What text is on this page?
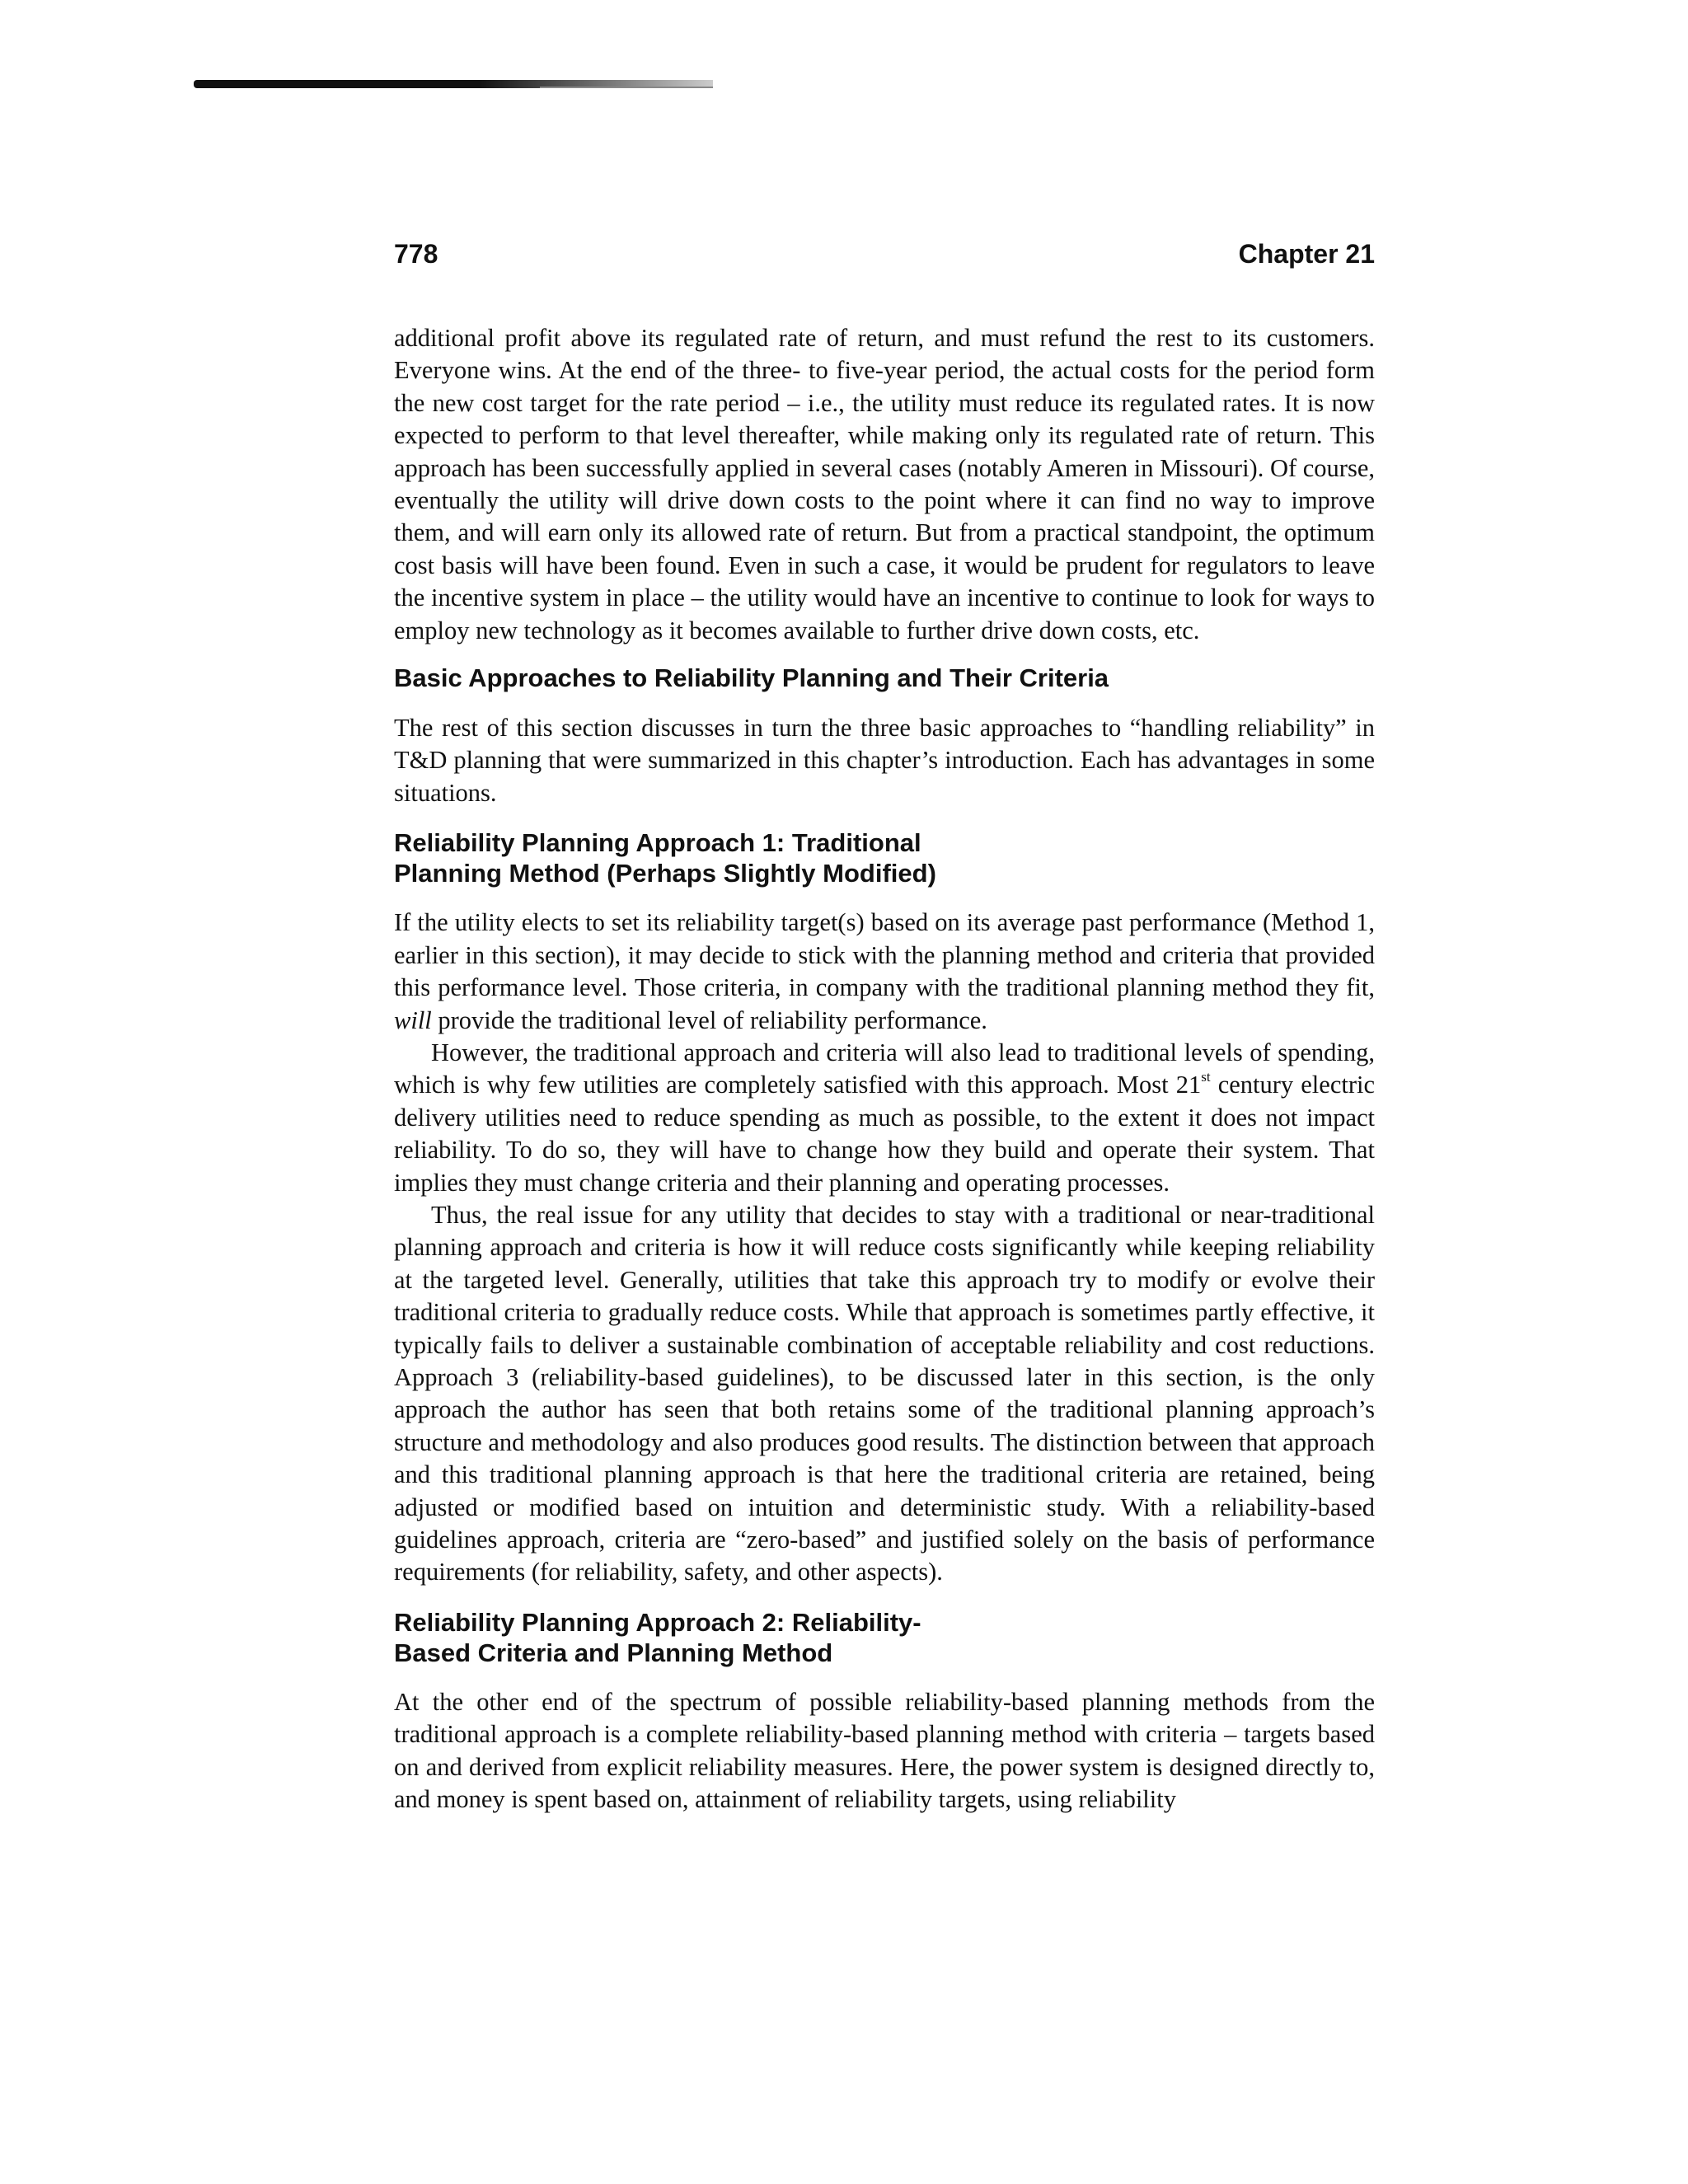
778	Chapter 21

additional profit above its regulated rate of return, and must refund the rest to its customers. Everyone wins. At the end of the three- to five-year period, the actual costs for the period form the new cost target for the rate period – i.e., the utility must reduce its regulated rates. It is now expected to perform to that level thereafter, while making only its regulated rate of return. This approach has been successfully applied in several cases (notably Ameren in Missouri). Of course, eventually the utility will drive down costs to the point where it can find no way to improve them, and will earn only its allowed rate of return. But from a practical standpoint, the optimum cost basis will have been found. Even in such a case, it would be prudent for regulators to leave the incentive system in place – the utility would have an incentive to continue to look for ways to employ new technology as it becomes available to further drive down costs, etc.

Basic Approaches to Reliability Planning and Their Criteria

The rest of this section discusses in turn the three basic approaches to “handling reliability” in T&D planning that were summarized in this chapter’s introduction. Each has advantages in some situations.

Reliability Planning Approach 1: Traditional
Planning Method (Perhaps Slightly Modified)

If the utility elects to set its reliability target(s) based on its average past performance (Method 1, earlier in this section), it may decide to stick with the planning method and criteria that provided this performance level. Those criteria, in company with the traditional planning method they fit, will provide the traditional level of reliability performance.

However, the traditional approach and criteria will also lead to traditional levels of spending, which is why few utilities are completely satisfied with this approach. Most 21st century electric delivery utilities need to reduce spending as much as possible, to the extent it does not impact reliability. To do so, they will have to change how they build and operate their system. That implies they must change criteria and their planning and operating processes.

Thus, the real issue for any utility that decides to stay with a traditional or near-traditional planning approach and criteria is how it will reduce costs significantly while keeping reliability at the targeted level. Generally, utilities that take this approach try to modify or evolve their traditional criteria to gradually reduce costs. While that approach is sometimes partly effective, it typically fails to deliver a sustainable combination of acceptable reliability and cost reductions. Approach 3 (reliability-based guidelines), to be discussed later in this section, is the only approach the author has seen that both retains some of the traditional planning approach’s structure and methodology and also produces good results. The distinction between that approach and this traditional planning approach is that here the traditional criteria are retained, being adjusted or modified based on intuition and deterministic study. With a reliability-based guidelines approach, criteria are “zero-based” and justified solely on the basis of performance requirements (for reliability, safety, and other aspects).

Reliability Planning Approach 2: Reliability-
Based Criteria and Planning Method

At the other end of the spectrum of possible reliability-based planning methods from the traditional approach is a complete reliability-based planning method with criteria – targets based on and derived from explicit reliability measures. Here, the power system is designed directly to, and money is spent based on, attainment of reliability targets, using reliability
